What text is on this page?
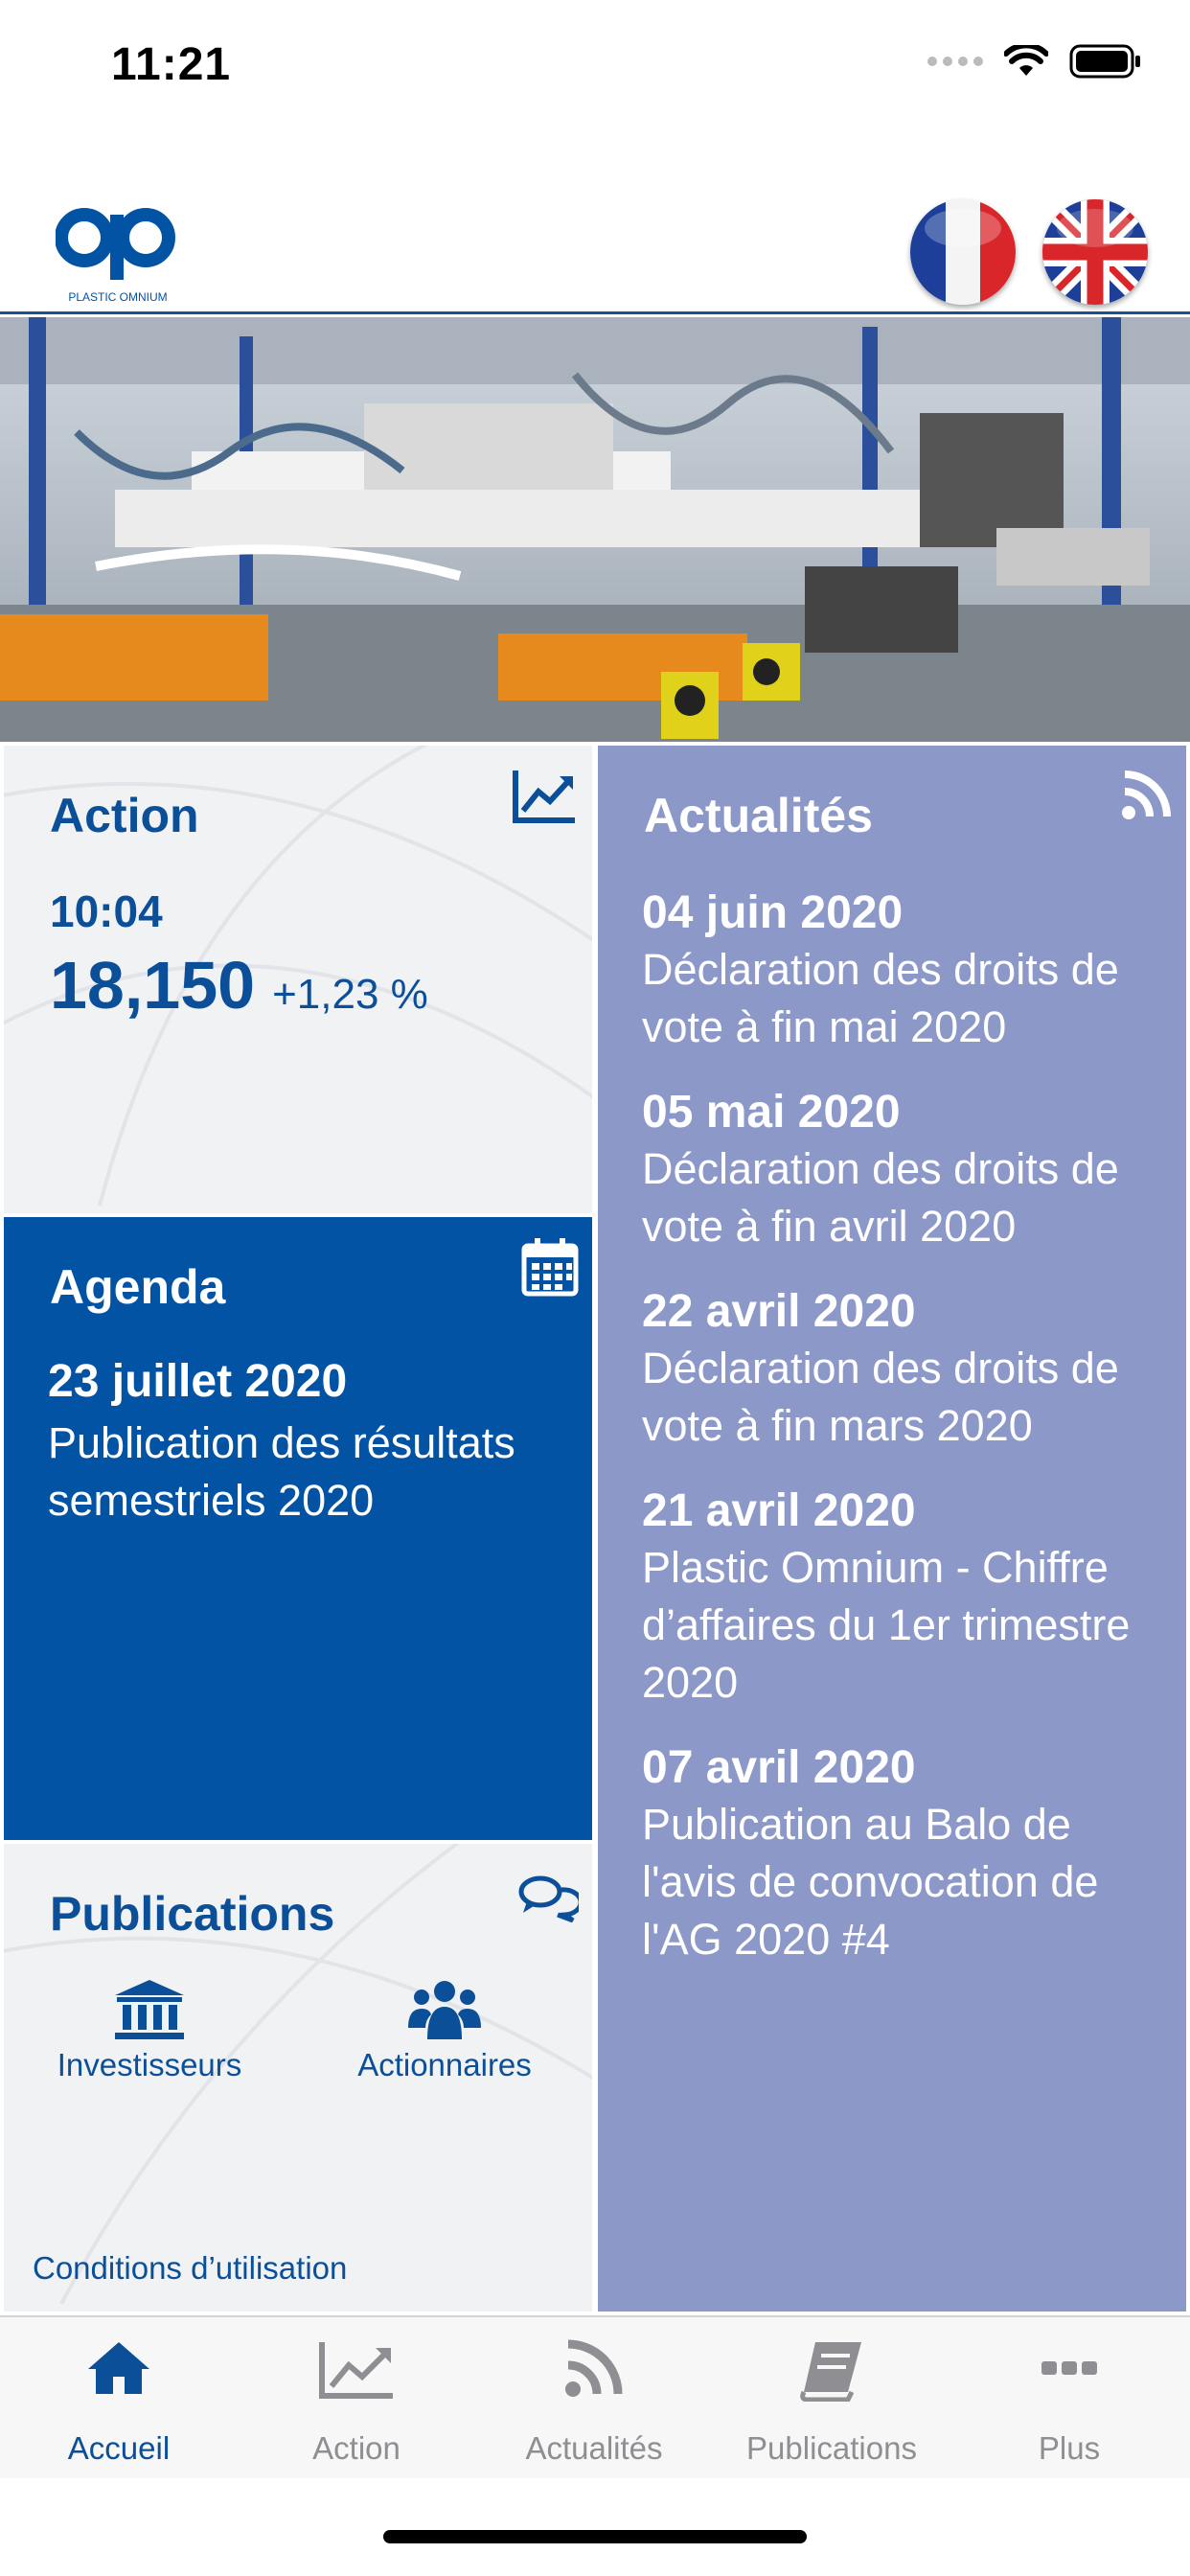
11:21
PLASTIC OMNIUM
Action
10:04
18,150 +1,23 %
Agenda
23 juillet 2020
Publication des résultats semestriels 2020
Publications
Investisseurs	Actionnaires
Conditions d’utilisation
Actualités
04 juin 2020
Déclaration des droits de vote à fin mai 2020
05 mai 2020
Déclaration des droits de vote à fin avril 2020
22 avril 2020
Déclaration des droits de vote à fin mars 2020
21 avril 2020
Plastic Omnium - Chiffre d’affaires du 1er trimestre 2020
07 avril 2020
Publication au Balo de l'avis de convocation de l'AG 2020 #4
Accueil	Action	Actualités	Publications	Plus
